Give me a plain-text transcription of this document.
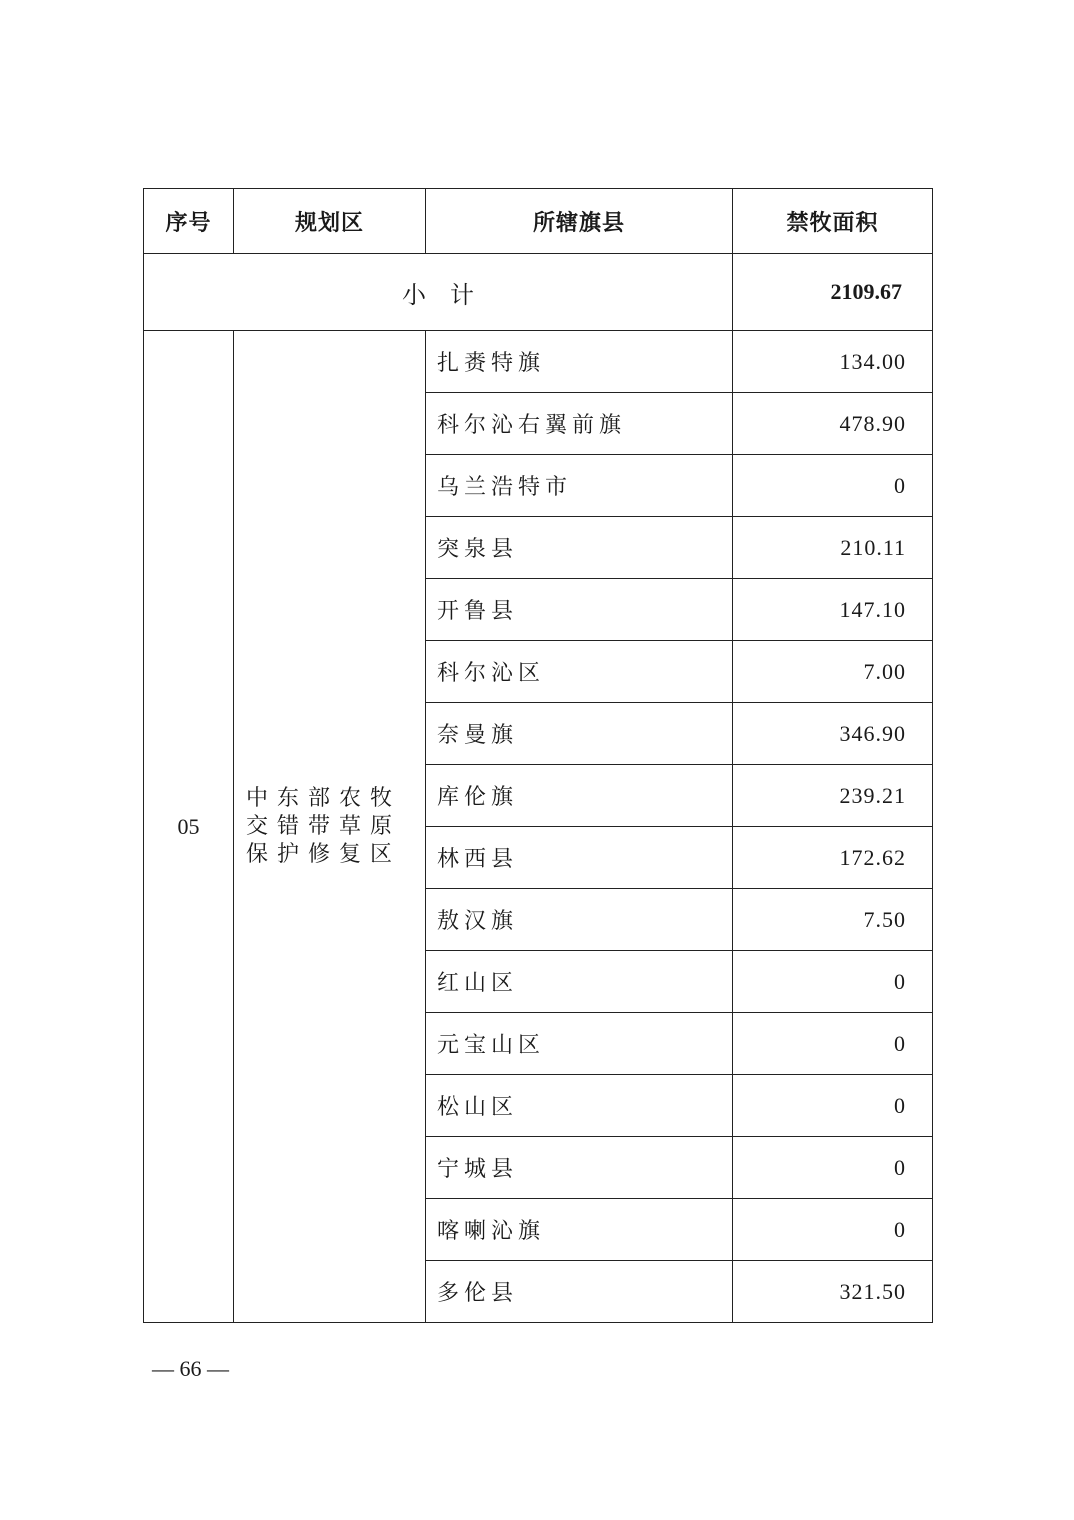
序号	规划区	所辖旗县	禁牧面积
小计			2109.67
05	中东部农牧交错带草原保护修复区	扎赉特旗	134.00
		科尔沁右翼前旗	478.90
		乌兰浩特市	0
		突泉县	210.11
		开鲁县	147.10
		科尔沁区	7.00
		奈曼旗	346.90
		库伦旗	239.21
		林西县	172.62
		敖汉旗	7.50
		红山区	0
		元宝山区	0
		松山区	0
		宁城县	0
		喀喇沁旗	0
		多伦县	321.50
— 66 —
